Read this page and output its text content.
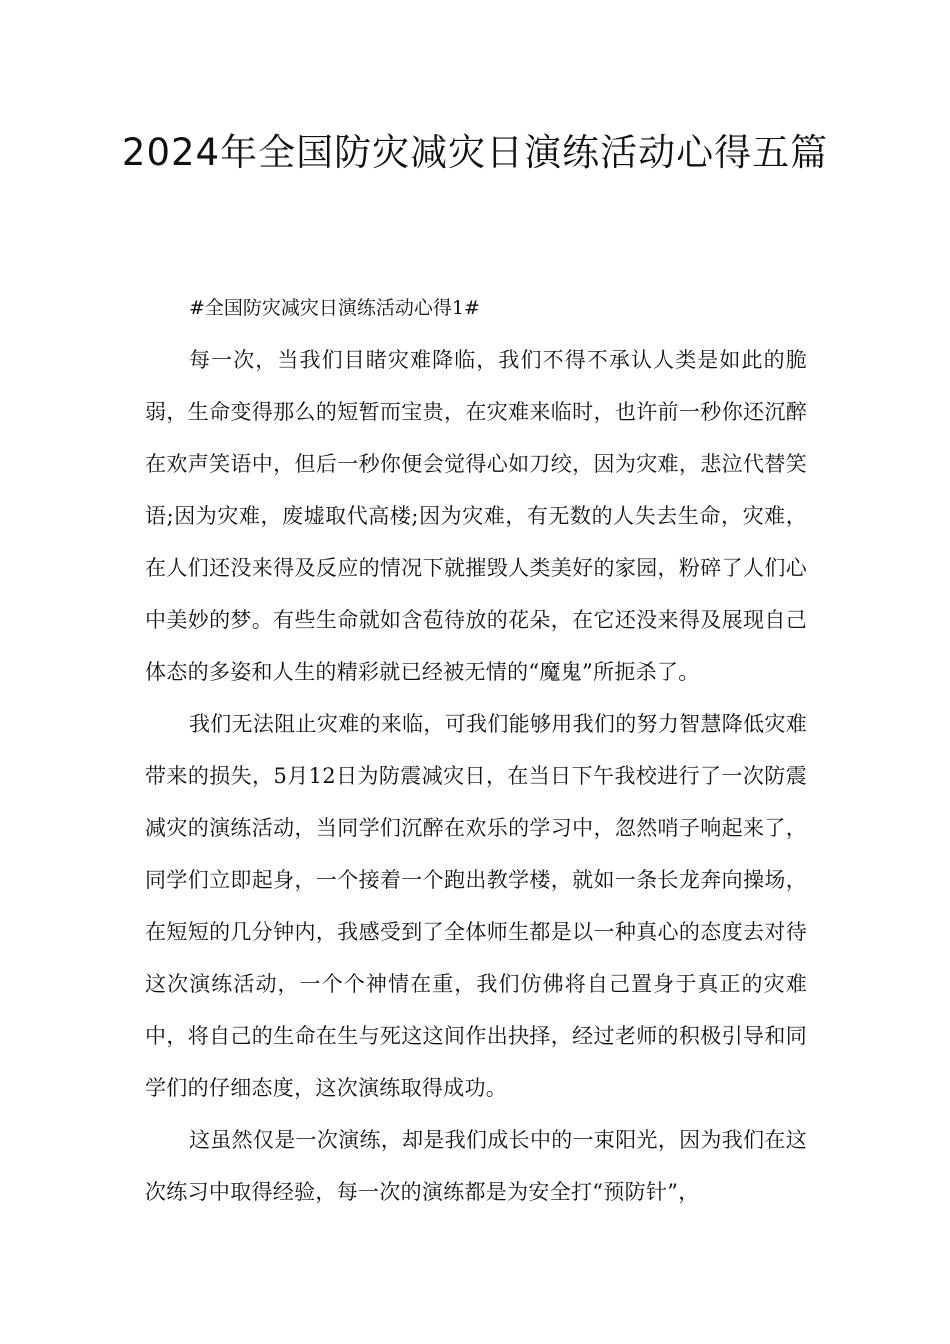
2024年全国防灾减灾日演练活动心得五篇

#全国防灾减灾日演练活动心得1#

每一次，当我们目睹灾难降临，我们不得不承认人类是如此的脆弱，生命变得那么的短暂而宝贵，在灾难来临时，也许前一秒你还沉醉在欢声笑语中，但后一秒你便会觉得心如刀绞，因为灾难，悲泣代替笑语;因为灾难，废墟取代高楼;因为灾难，有无数的人失去生命，灾难，在人们还没来得及反应的情况下就摧毁人类美好的家园，粉碎了人们心中美妙的梦。有些生命就如含苞待放的花朵，在它还没来得及展现自己体态的多姿和人生的精彩就已经被无情的“魔鬼”所扼杀了。

我们无法阻止灾难的来临，可我们能够用我们的努力智慧降低灾难带来的损失，5月12日为防震减灾日，在当日下午我校进行了一次防震减灾的演练活动，当同学们沉醉在欢乐的学习中，忽然哨子响起来了，同学们立即起身，一个接着一个跑出教学楼，就如一条长龙奔向操场，在短短的几分钟内，我感受到了全体师生都是以一种真心的态度去对待这次演练活动，一个个神情在重，我们仿佛将自己置身于真正的灾难中，将自己的生命在生与死这这间作出抉择，经过老师的积极引导和同学们的仔细态度，这次演练取得成功。

这虽然仅是一次演练，却是我们成长中的一束阳光，因为我们在这次练习中取得经验，每一次的演练都是为安全打“预防针”，
